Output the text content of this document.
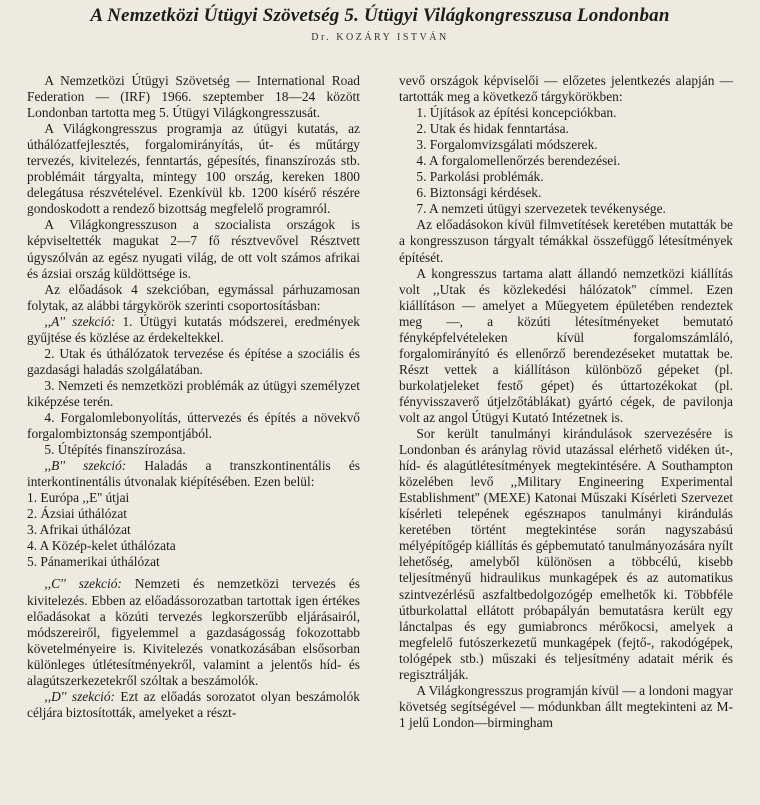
A Nemzetközi Útügyi Szövetség 5. Útügyi Világkongresszusa Londonban
Dr. KOZÁRY ISTVÁN

A Nemzetközi Útügyi Szövetség — International Road Federation — (IRF) 1966. szeptember 18—24 között Londonban tartotta meg 5. Útügyi Világkongresszusát.

A Világkongresszus programja az útügyi kutatás, az úthálózatfejlesztés, forgalomirányítás, út- és műtárgy tervezés, kivitelezés, fenntartás, gépesítés, finanszírozás stb. problémáit tárgyalta, mintegy 100 ország, kereken 1800 delegátusa részvételével. Ezenkívül kb. 1200 kísérő részére gondoskodott a rendező bizottság megfelelő programról.

A Világkongresszuson a szocialista országok is képviseltették magukat 2—7 fő résztvevővel Résztvett úgyszólván az egész nyugati világ, de ott volt számos afrikai és ázsiai ország küldöttsége is.

Az előadások 4 szekcióban, egymással párhuzamosan folytak, az alábbi tárgykörök szerinti csoportosításban:

,,A'' szekció: 1. Útügyi kutatás módszerei, eredmények gyűjtése és közlése az érdekeltekkel.

2. Utak és úthálózatok tervezése és építése a szociális és gazdasági haladás szolgálatában.

3. Nemzeti és nemzetközi problémák az útügyi személyzet kiképzése terén.

4. Forgalomlebonyolítás, úttervezés és építés a növekvő forgalombiztonság szempontjából.

5. Útépítés finanszírozása.

,,B'' szekció: Haladás a transzkontinentális és interkontinentális útvonalak kiépítésében. Ezen belül:

1. Európa ,,E'' útjai

2. Ázsiai úthálózat

3. Afrikai úthálózat

4. A Közép-kelet úthálózata

5. Pánamerikai úthálózat

,,C'' szekció: Nemzeti és nemzetközi tervezés és kivitelezés. Ebben az előadássorozatban tartottak igen értékes előadásokat a közúti tervezés legkorszerűbb eljárásairól, módszereiről, figyelemmel a gazdaságosság fokozottabb követelményeire is. Kivitelezés vonatkozásában elsősorban különleges útlétesítményekről, valamint a jelentős híd- és alagútszerkezetekről szóltak a beszámolók.

,,D'' szekció: Ezt az előadás sorozatot olyan beszámolók céljára biztosították, amelyeket a részt-

vevő országok képviselői — előzetes jelentkezés alapján — tartották meg a következő tárgykörökben:

1. Újítások az építési koncepciókban.

2. Utak és hidak fenntartása.

3. Forgalomvizsgálati módszerek.

4. A forgalomellenőrzés berendezései.

5. Parkolási problémák.

6. Biztonsági kérdések.

7. A nemzeti útügyi szervezetek tevékenysége.

Az előadásokon kívül filmvetítések keretében mutatták be a kongresszuson tárgyalt témákkal összefüggő létesítmények építését.

A kongresszus tartama alatt állandó nemzetközi kiállítás volt ,,Utak és közlekedési hálózatok'' címmel. Ezen kiállításon — amelyet a Műegyetem épületében rendeztek meg —, a közúti létesítményeket bemutató fényképfelvételeken kívül forgalomszámláló, forgalomirányító és ellenőrző berendezéseket mutattak be. Részt vettek a kiállításon különböző gépeket (pl. burkolatjeleket festő gépet) és úttartozékokat (pl. fényvisszaverő útjelzőtáblákat) gyártó cégek, de pavilonja volt az angol Útügyi Kutató Intézetnek is.

Sor került tanulmányi kirándulások szervezésére is Londonban és aránylag rövid utazással elérhető vidéken út-, híd- és alagútlétesítmények megtekintésére. A Southampton közelében levő ,,Military Engineering Experimental Establishment'' (MEXE) Katonai Műszaki Kísérleti Szervezet kísérleti telepének egészнapos tanulmányi kirándulás keretében történt megtekintése során nagyszabású mélyépítőgép kiállítás és gépbemutató tanulmányozására nyílt lehetőség, amelyből különösen a többcélú, kisebb teljesítményű hidraulikus munkagépek és az automatikus szintvezérlésű aszfaltbedolgozógép emelhetők ki. Többféle útburkolattal ellátott próbapályán bemutatásra került egy lánctalpas és egy gumiabroncs mérőkocsi, amelyek a megfelelő futószerkezetű munkagépek (fejtő-, rakodógépek, tológépek stb.) műszaki és teljesítmény adatait mérik és regisztrálják.

A Világkongresszus programján kívül — a londoni magyar követség segítségével — módunkban állt megtekinteni az M-1 jelű London—birmingham
